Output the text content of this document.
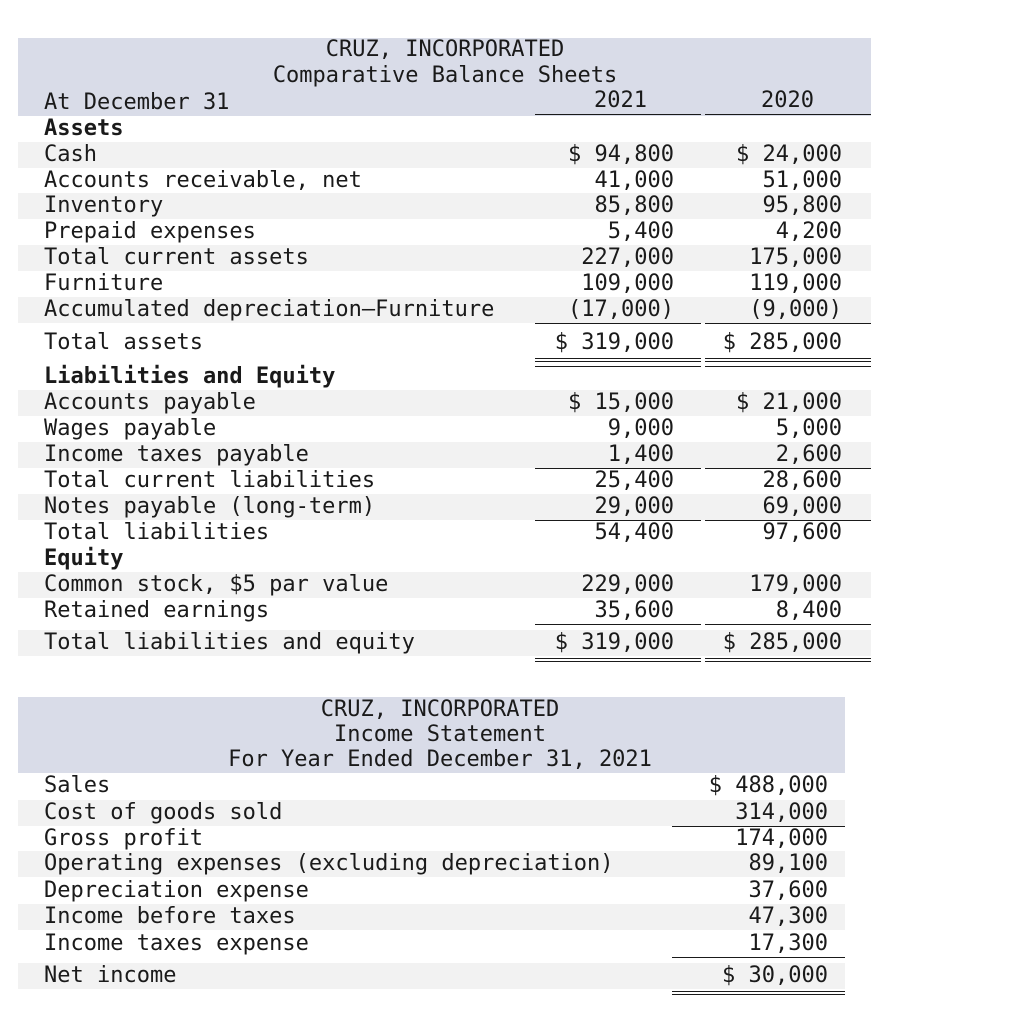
CRUZ, INCORPORATED
Comparative Balance Sheets
At December 31	2021	2020
Assets
Cash	$ 94,800	$ 24,000
Accounts receivable, net	41,000	51,000
Inventory	85,800	95,800
Prepaid expenses	5,400	4,200
Total current assets	227,000	175,000
Furniture	109,000	119,000
Accumulated depreciation–Furniture	(17,000)	(9,000)
Total assets	$ 319,000 $ 285,000
Liabilities and Equity
Accounts payable	$ 15,000	$ 21,000
Wages payable	9,000	5,000
Income taxes payable	1,400	2,600
Total current liabilities	25,400	28,600
Notes payable (long-term)	29,000	69,000
Total liabilities	54,400	97,600
Equity
Common stock, $5 par value	229,000	179,000
Retained earnings	35,600	8,400
Total liabilities and equity	$ 319,000 $ 285,000
CRUZ, INCORPORATED
Income Statement
For Year Ended December 31, 2021
Sales	$ 488,000
Cost of goods sold	314,000
Gross profit	174,000
Operating expenses (excluding depreciation)	89,100
Depreciation expense	37,600
Income before taxes	47,300
Income taxes expense	17,300
Net income	$ 30,000
